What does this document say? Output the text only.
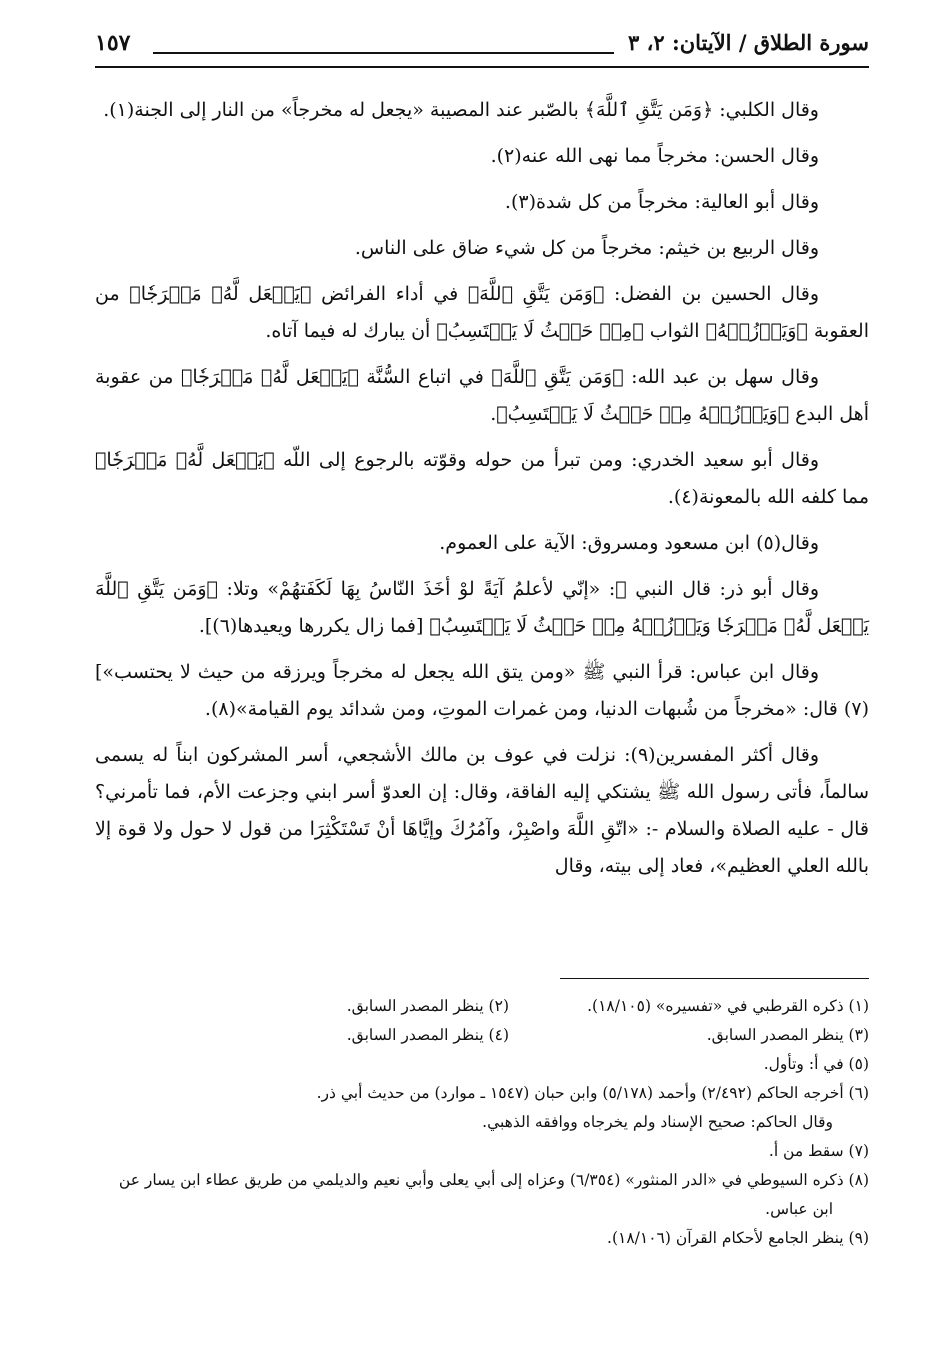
سورة الطلاق / الآيتان: ٢، ٣
١٥٧

وقال الكلبي: ﴿وَمَن يَتَّقِ ٱللَّهَ﴾ بالصّبر عند المصيبة «يجعل له مخرجاً» من النار إلى الجنة(١).

وقال الحسن: مخرجاً مما نهى الله عنه(٢).

وقال أبو العالية: مخرجاً من كل شدة(٣).

وقال الربيع بن خيثم: مخرجاً من كل شيء ضاق على الناس.

وقال الحسين بن الفضل: ﴿وَمَن يَتَّقِ ٱللَّهَ﴾ في أداء الفرائض ﴿يَجۡعَل لَّهُۥ مَخۡرَجٗا﴾ من العقوبة ﴿وَيَرۡزُقۡهُ﴾ الثواب ﴿مِنۡ حَيۡثُ لَا يَحۡتَسِبُ﴾ أن يبارك له فيما آتاه.

وقال سهل بن عبد الله: ﴿وَمَن يَتَّقِ ٱللَّهَ﴾ في اتباع السُّنَّة ﴿يَجۡعَل لَّهُۥ مَخۡرَجٗا﴾ من عقوبة أهل البدع ﴿وَيَرۡزُقۡهُ مِنۡ حَيۡثُ لَا يَحۡتَسِبُ﴾.

وقال أبو سعيد الخدري: ومن تبرأ من حوله وقوّته بالرجوع إلى اللّه ﴿يَجۡعَل لَّهُۥ مَخۡرَجٗا﴾ مما كلفه الله بالمعونة(٤).

وقال(٥) ابن مسعود ومسروق: الآية على العموم.

وقال أبو ذر: قال النبي ﷺ: «إنّي لأعلمُ آيَةً لوْ أخَذَ النّاسُ بِهَا لَكَفَتهُمْ» وتلا: ﴿وَمَن يَتَّقِ ٱللَّهَ يَجۡعَل لَّهُۥ مَخۡرَجٗا وَيَرۡزُقۡهُ مِنۡ حَيۡثُ لَا يَحۡتَسِبُ﴾ [فما زال يكررها ويعيدها(٦)].

وقال ابن عباس: قرأ النبي ﷺ «ومن يتق الله يجعل له مخرجاً ويرزقه من حيث لا يحتسب»](٧) قال: «مخرجاً من شُبهات الدنيا، ومن غمرات الموتِ، ومن شدائد يوم القيامة»(٨).

وقال أكثر المفسرين(٩): نزلت في عوف بن مالك الأشجعي، أسر المشركون ابناً له يسمى سالماً، فأتى رسول الله ﷺ يشتكي إليه الفاقة، وقال: إن العدوّ أسر ابني وجزعت الأم، فما تأمرني؟ قال - عليه الصلاة والسلام -: «اتّقِ اللَّهَ واصْبِرْ، وآمُرُكَ وإيَّاهَا أنْ تَسْتَكْثِرَا من قول لا حول ولا قوة إلا بالله العلي العظيم»، فعاد إلى بيته، وقال

(١) ذكره القرطبي في «تفسيره» (١٨/١٠٥).(٢) ينظر المصدر السابق.
(٣) ينظر المصدر السابق.(٤) ينظر المصدر السابق.
(٥) في أ: وتأول.
(٦) أخرجه الحاكم (٢/٤٩٢) وأحمد (٥/١٧٨) وابن حبان (١٥٤٧ ـ موارد) من حديث أبي ذر.
وقال الحاكم: صحيح الإسناد ولم يخرجاه ووافقه الذهبي.
(٧) سقط من أ.
(٨) ذكره السيوطي في «الدر المنثور» (٦/٣٥٤) وعزاه إلى أبي يعلى وأبي نعيم والديلمي من طريق عطاء ابن يسار عن ابن عباس.
(٩) ينظر الجامع لأحكام القرآن (١٨/١٠٦).
